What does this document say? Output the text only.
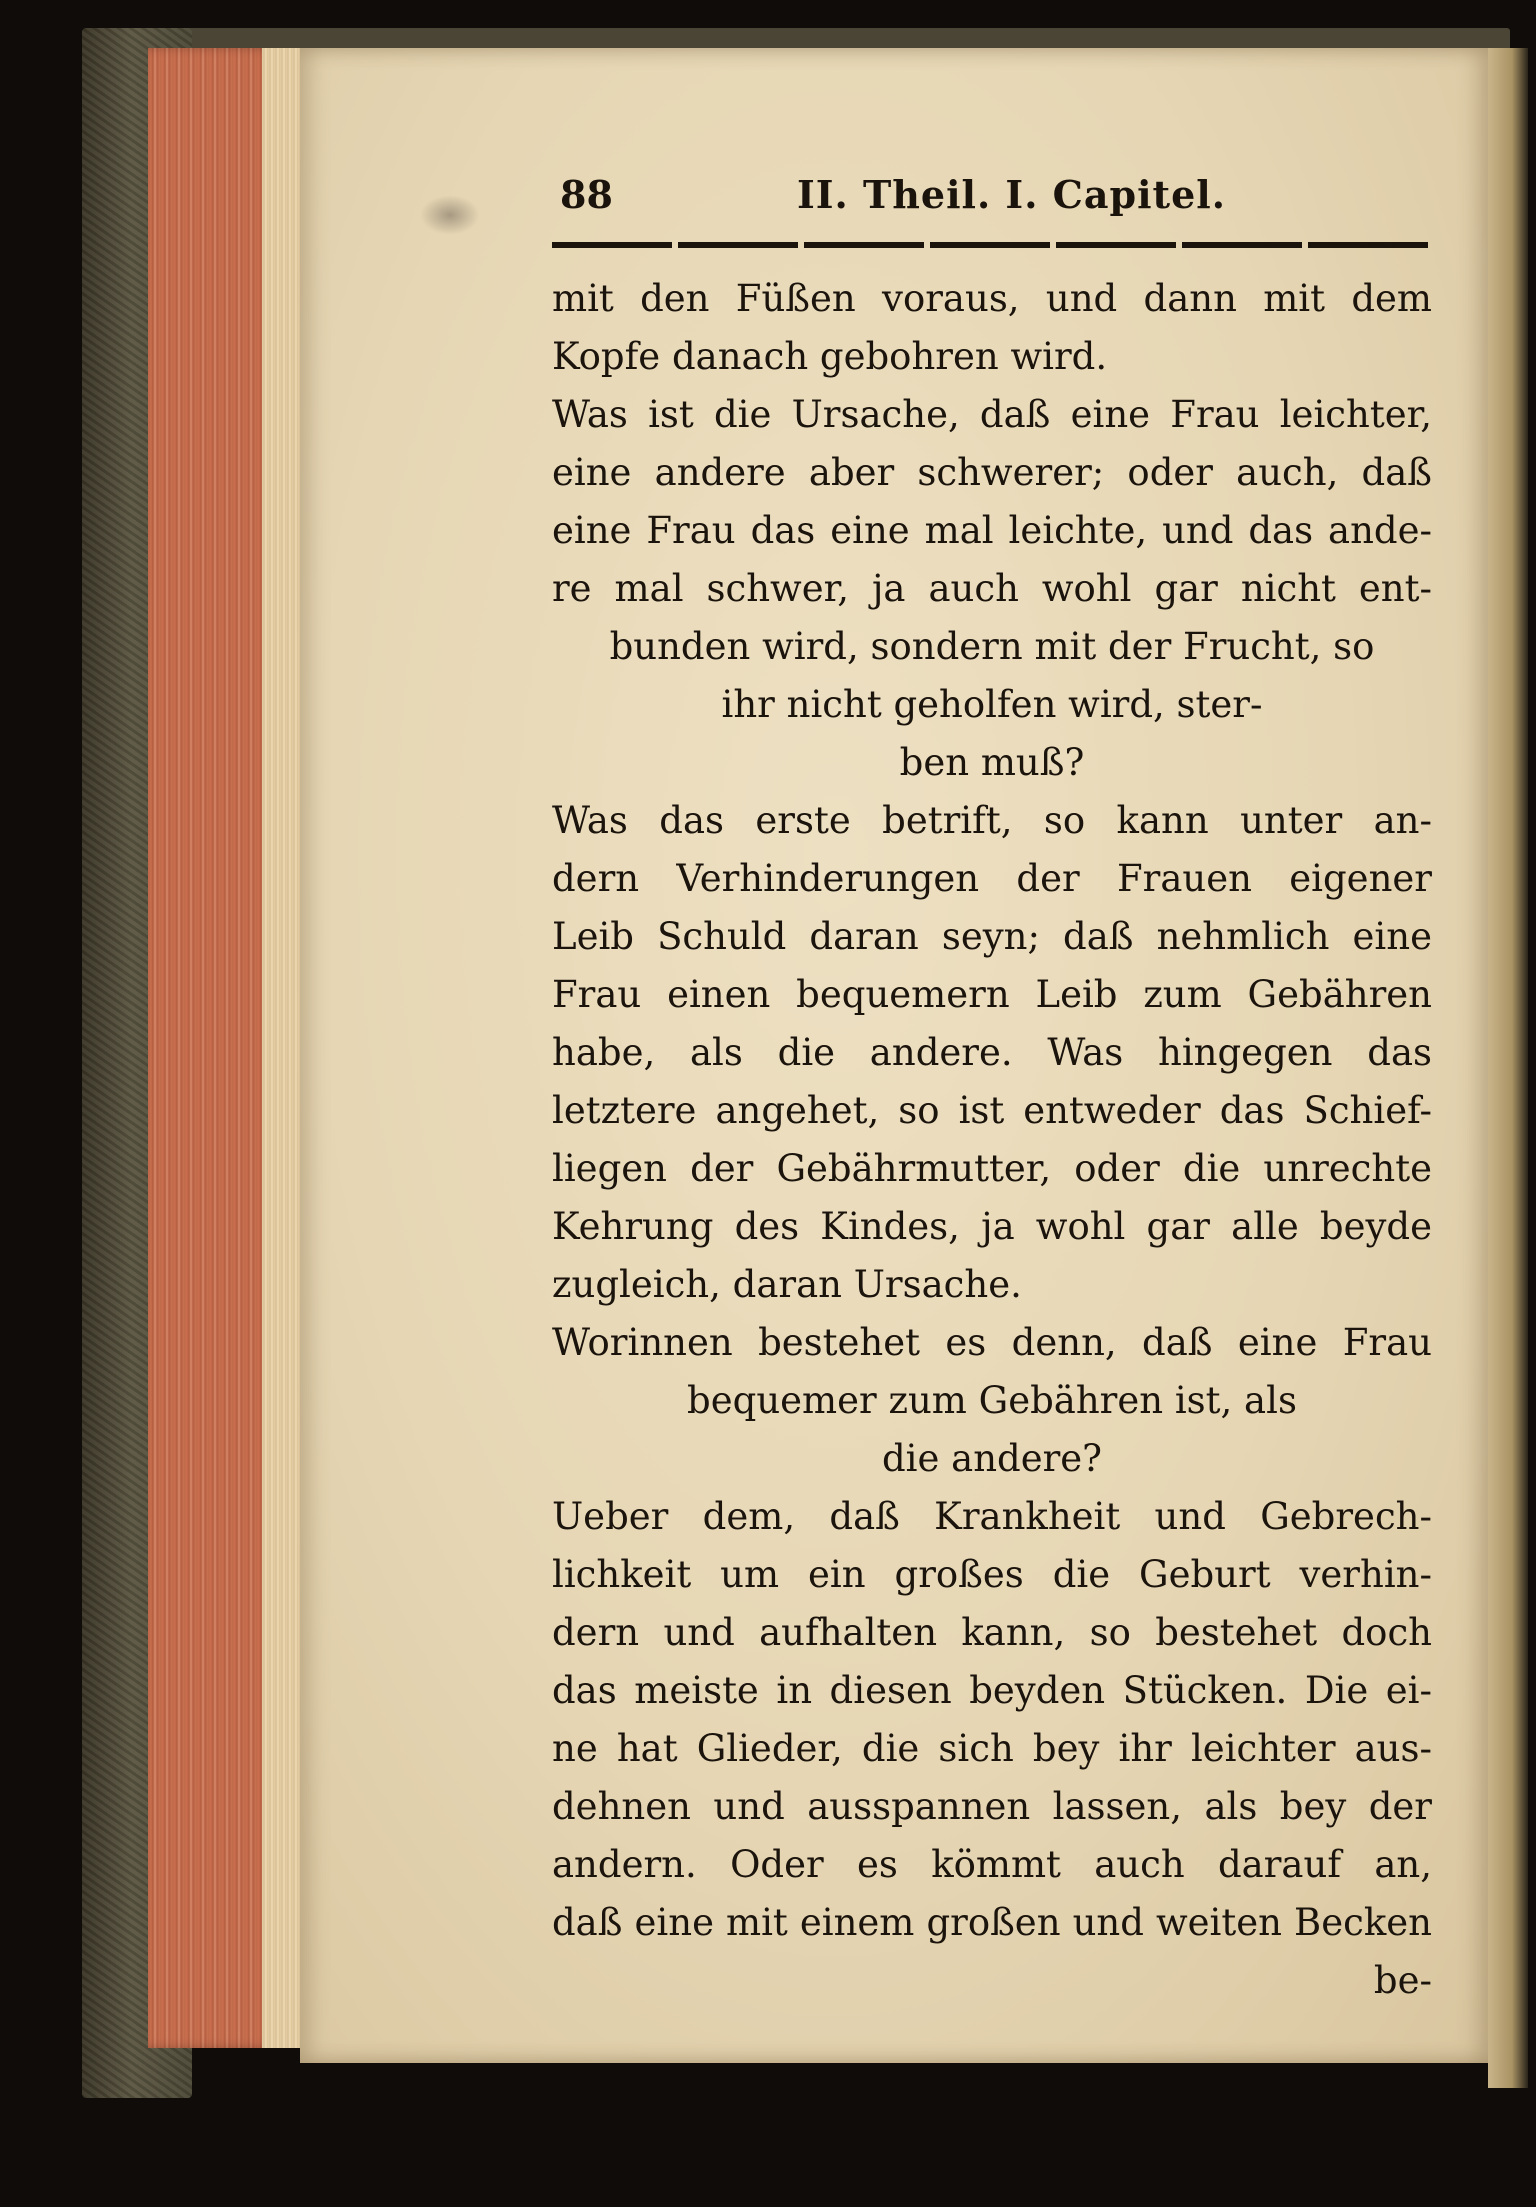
88	II. Theil. I. Capitel.
mit den Füßen voraus, und dann mit dem
Kopfe danach gebohren wird.
Was ist die Ursache, daß eine Frau leichter,
eine andere aber schwerer; oder auch, daß
eine Frau das eine mal leichte, und das ande-
re mal schwer, ja auch wohl gar nicht ent-
bunden wird, sondern mit der Frucht, so
ihr nicht geholfen wird, ster-
ben muß?
Was das erste betrift, so kann unter an-
dern Verhinderungen der Frauen eigener
Leib Schuld daran seyn; daß nehmlich eine
Frau einen bequemern Leib zum Gebähren
habe, als die andere. Was hingegen das
letztere angehet, so ist entweder das Schief-
liegen der Gebährmutter, oder die unrechte
Kehrung des Kindes, ja wohl gar alle beyde
zugleich, daran Ursache.
Worinnen bestehet es denn, daß eine Frau
bequemer zum Gebähren ist, als
die andere?
Ueber dem, daß Krankheit und Gebrech-
lichkeit um ein großes die Geburt verhin-
dern und aufhalten kann, so bestehet doch
das meiste in diesen beyden Stücken. Die ei-
ne hat Glieder, die sich bey ihr leichter aus-
dehnen und ausspannen lassen, als bey der
andern. Oder es kömmt auch darauf an,
daß eine mit einem großen und weiten Becken
be-
